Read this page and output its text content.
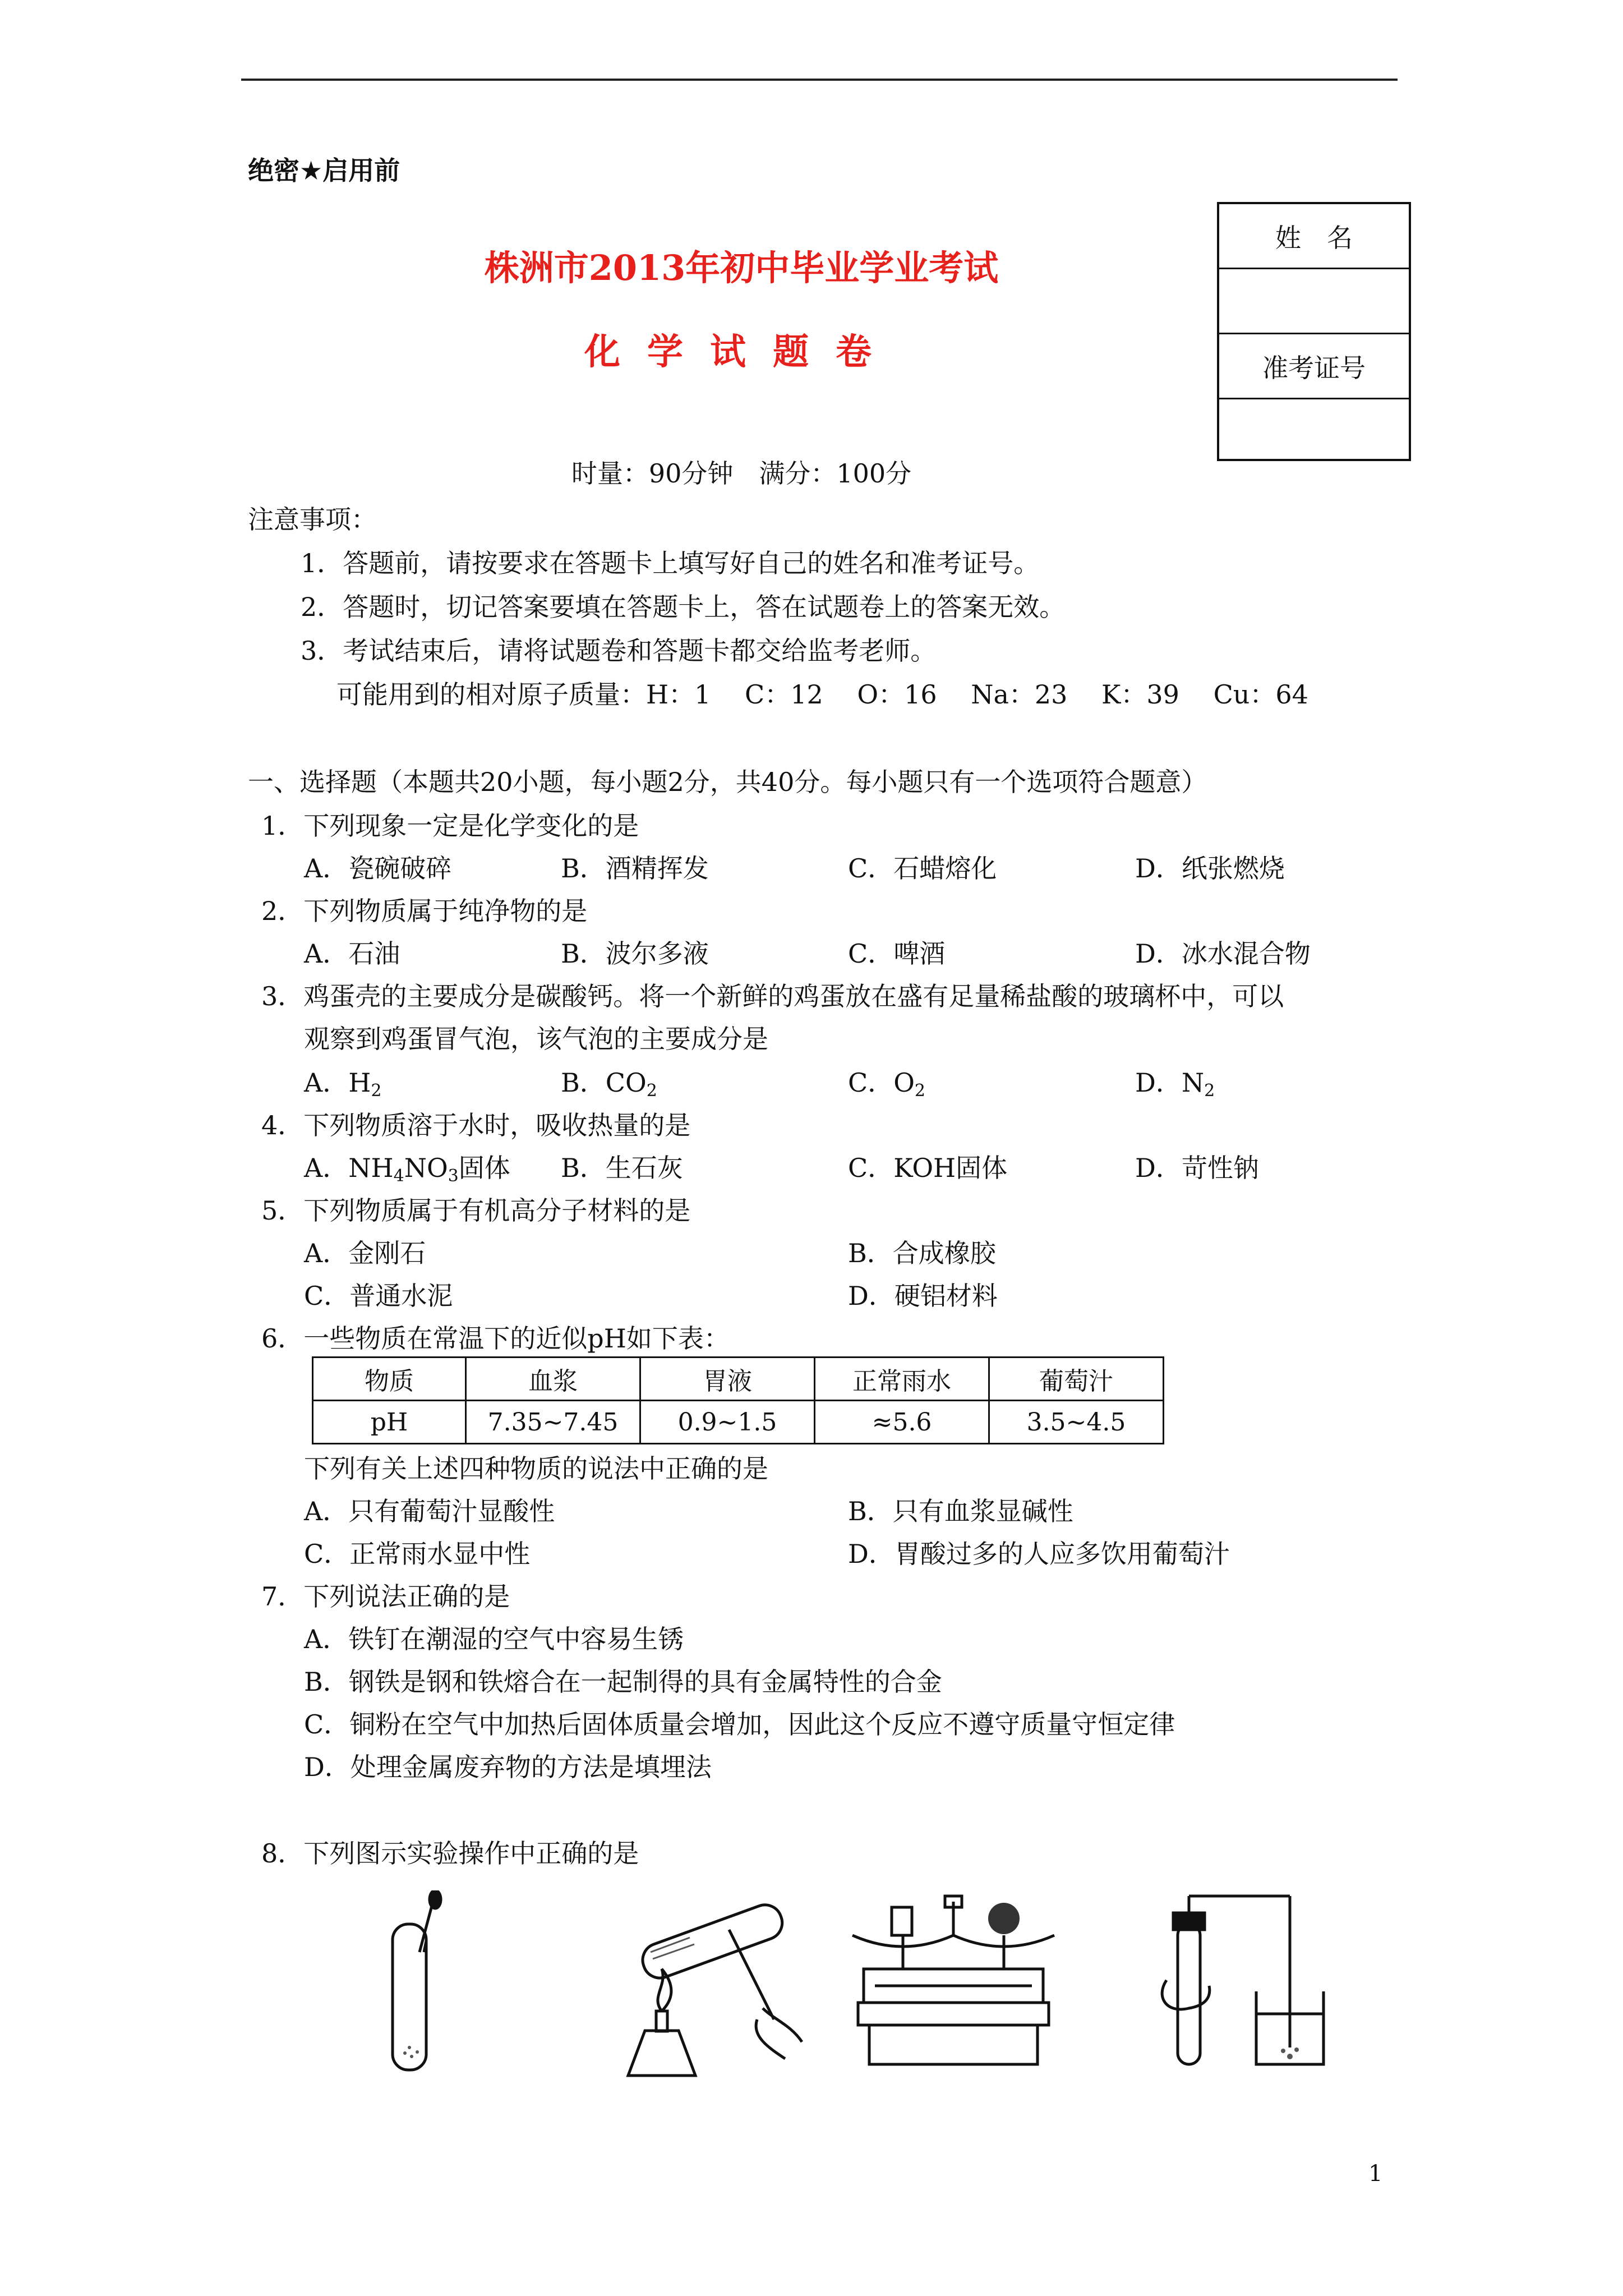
绝密★启用前
株洲市2013年初中毕业学业考试
化学试题卷
姓　名
准考证号
时量：90分钟　满分：100分
注意事项：
1．答题前，请按要求在答题卡上填写好自己的姓名和准考证号。
2．答题时，切记答案要填在答题卡上，答在试题卷上的答案无效。
3．考试结束后，请将试题卷和答题卡都交给监考老师。
可能用到的相对原子质量：H：1　 C：12　 O：16　 Na：23　 K：39　 Cu：64
一、选择题（本题共20小题，每小题2分，共40分。每小题只有一个选项符合题意）
1．下列现象一定是化学变化的是
A．瓷碗破碎	B．酒精挥发	C．石蜡熔化	D．纸张燃烧
2．下列物质属于纯净物的是
A．石油	B．波尔多液	C．啤酒	D．冰水混合物
3．鸡蛋壳的主要成分是碳酸钙。将一个新鲜的鸡蛋放在盛有足量稀盐酸的玻璃杯中，可以
观察到鸡蛋冒气泡，该气泡的主要成分是
A．$H_2$	B．$CO_2$	C．$O_2$	D．$N_2$
4．下列物质溶于水时，吸收热量的是
A．$NH_4NO_3$固体 B．生石灰	C．KOH固体	D．苛性钠
5．下列物质属于有机高分子材料的是
A．金刚石	B．合成橡胶
C．普通水泥	D．硬铝材料
6．一些物质在常温下的近似pH如下表：
物质	血浆	胃液	正常雨水	葡萄汁
pH	7.35~7.45	0.9~1.5	≈5.6	3.5~4.5
下列有关上述四种物质的说法中正确的是
A．只有葡萄汁显酸性	B．只有血浆显碱性
C．正常雨水显中性	D．胃酸过多的人应多饮用葡萄汁
7．下列说法正确的是
A．铁钉在潮湿的空气中容易生锈
B．钢铁是钢和铁熔合在一起制得的具有金属特性的合金
C．铜粉在空气中加热后固体质量会增加，因此这个反应不遵守质量守恒定律
D．处理金属废弃物的方法是填埋法
8．下列图示实验操作中正确的是
1
